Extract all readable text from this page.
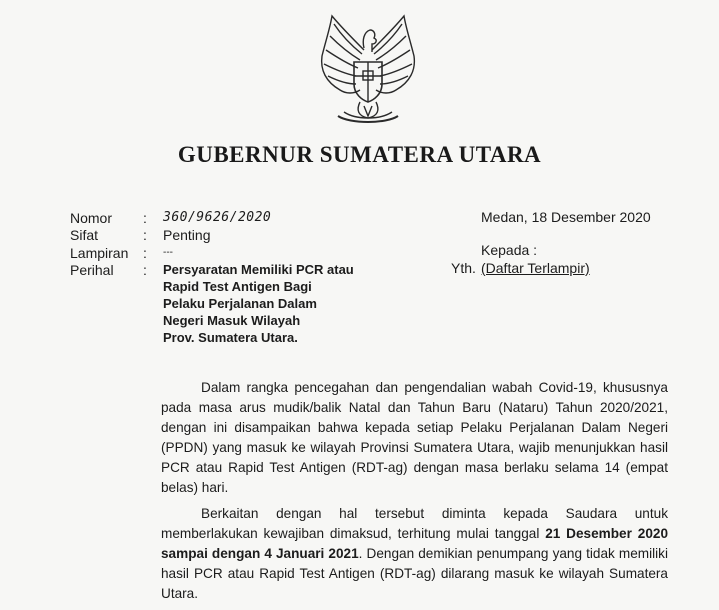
GUBERNUR SUMATERA UTARA
Nomor : 360/9626/2020
Sifat	: Penting
Lampiran : ---
Perihal : Persyaratan Memiliki PCR atau
Rapid Test Antigen Bagi
Pelaku Perjalanan Dalam
Negeri Masuk Wilayah
Prov. Sumatera Utara.
Medan, 18 Desember 2020
Kepada :
Yth. (Daftar Terlampir)

Dalam rangka pencegahan dan pengendalian wabah Covid-19, khususnya pada masa arus mudik/balik Natal dan Tahun Baru (Nataru) Tahun 2020/2021, dengan ini disampaikan bahwa kepada setiap Pelaku Perjalanan Dalam Negeri (PPDN) yang masuk ke wilayah Provinsi Sumatera Utara, wajib menunjukkan hasil PCR atau Rapid Test Antigen (RDT-ag) dengan masa berlaku selama 14 (empat belas) hari.

Berkaitan dengan hal tersebut diminta kepada Saudara untuk memberlakukan kewajiban dimaksud, terhitung mulai tanggal 21 Desember 2020 sampai dengan 4 Januari 2021. Dengan demikian penumpang yang tidak memiliki hasil PCR atau Rapid Test Antigen (RDT-ag) dilarang masuk ke wilayah Sumatera Utara.
